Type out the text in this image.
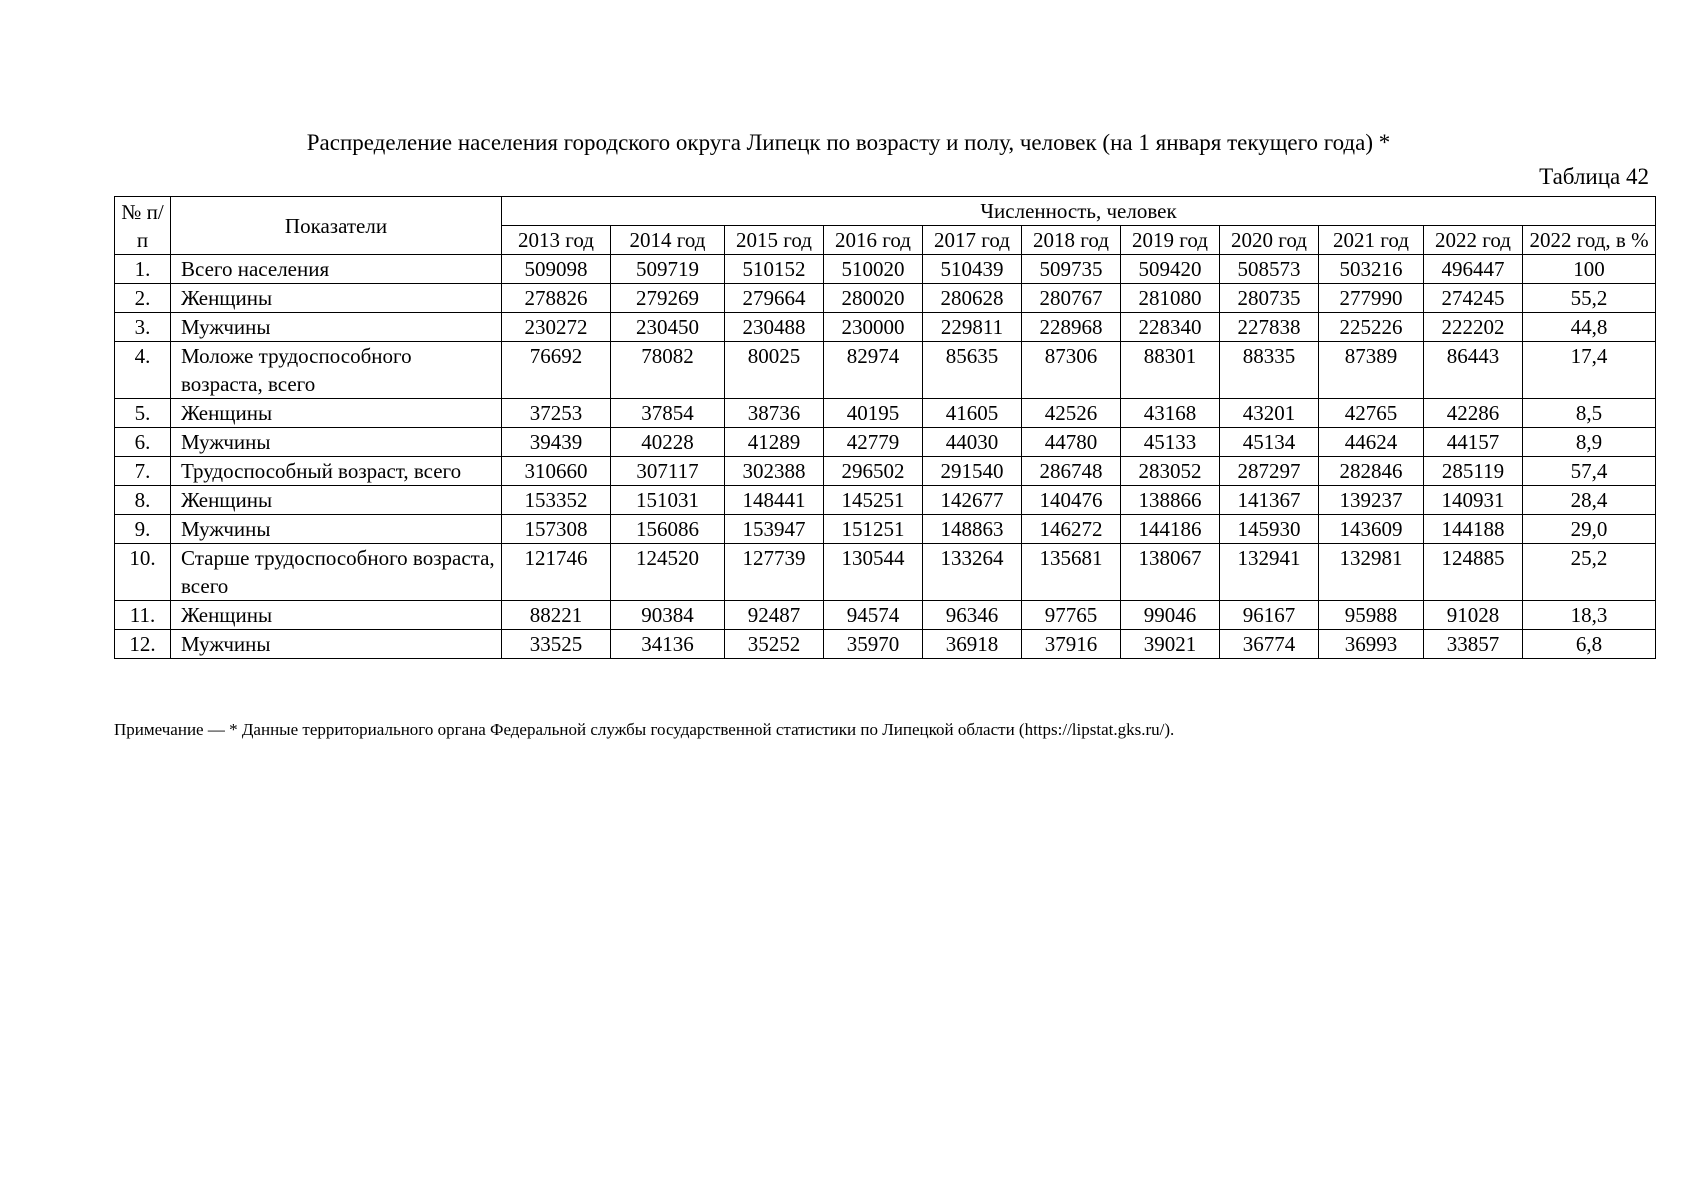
Распределение населения городского округа Липецк по возрасту и полу, человек (на 1 января текущего года) *
Таблица 42
№ п/п	Показатели	Численность, человек										
		2013 год	2014 год	2015 год	2016 год	2017 год	2018 год	2019 год	2020 год	2021 год	2022 год	2022 год, в %
1.	Всего населения	509098	509719	510152	510020	510439	509735	509420	508573	503216	496447	100
2.	Женщины	278826	279269	279664	280020	280628	280767	281080	280735	277990	274245	55,2
3.	Мужчины	230272	230450	230488	230000	229811	228968	228340	227838	225226	222202	44,8
4.	Моложе трудоспособного возраста, всего	76692	78082	80025	82974	85635	87306	88301	88335	87389	86443	17,4
5.	Женщины	37253	37854	38736	40195	41605	42526	43168	43201	42765	42286	8,5
6.	Мужчины	39439	40228	41289	42779	44030	44780	45133	45134	44624	44157	8,9
7.	Трудоспособный возраст, всего	310660	307117	302388	296502	291540	286748	283052	287297	282846	285119	57,4
8.	Женщины	153352	151031	148441	145251	142677	140476	138866	141367	139237	140931	28,4
9.	Мужчины	157308	156086	153947	151251	148863	146272	144186	145930	143609	144188	29,0
10.	Старше трудоспособного возраста, всего	121746	124520	127739	130544	133264	135681	138067	132941	132981	124885	25,2
11.	Женщины	88221	90384	92487	94574	96346	97765	99046	96167	95988	91028	18,3
12.	Мужчины	33525	34136	35252	35970	36918	37916	39021	36774	36993	33857	6,8
Примечание — * Данные территориального органа Федеральной службы государственной статистики по Липецкой области (https://lipstat.gks.ru/).
